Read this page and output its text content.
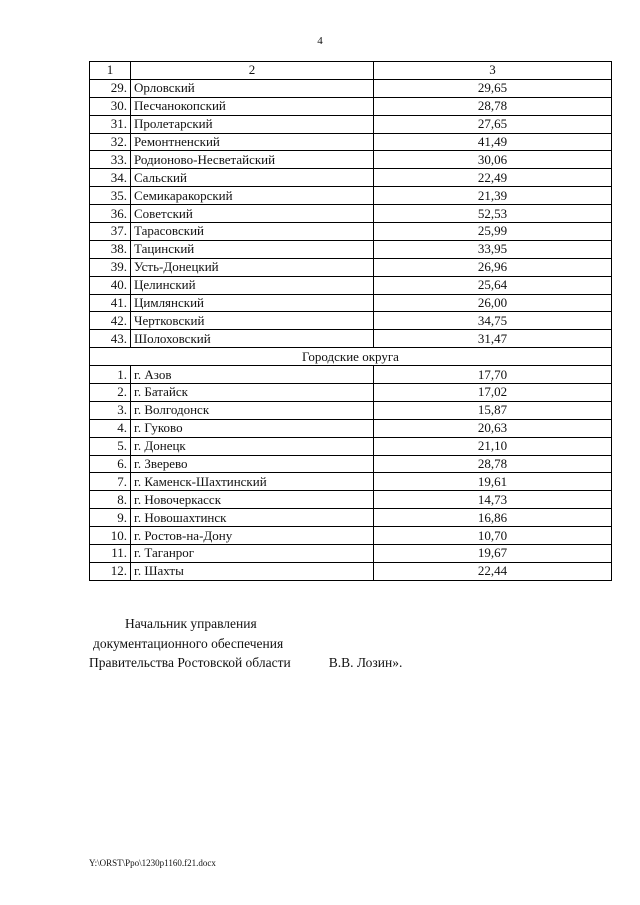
4
1	2	3
29.	Орловский	29,65
30.	Песчанокопский	28,78
31.	Пролетарский	27,65
32.	Ремонтненский	41,49
33.	Родионово-Несветайский	30,06
34.	Сальский	22,49
35.	Семикаракорский	21,39
36.	Советский	52,53
37.	Тарасовский	25,99
38.	Тацинский	33,95
39.	Усть-Донецкий	26,96
40.	Целинский	25,64
41.	Цимлянский	26,00
42.	Чертковский	34,75
43.	Шолоховский	31,47
Городские округа		
1.	г. Азов	17,70
2.	г. Батайск	17,02
3.	г. Волгодонск	15,87
4.	г. Гуково	20,63
5.	г. Донецк	21,10
6.	г. Зверево	28,78
7.	г. Каменск-Шахтинский	19,61
8.	г. Новочеркасск	14,73
9.	г. Новошахтинск	16,86
10.	г. Ростов-на-Дону	10,70
11.	г. Таганрог	19,67
12.	г. Шахты	22,44
Начальник управления
документационного обеспечения
Правительства Ростовской области	В.В. Лозин».
Y:\ORST\Ppo\1230p1160.f21.docx
